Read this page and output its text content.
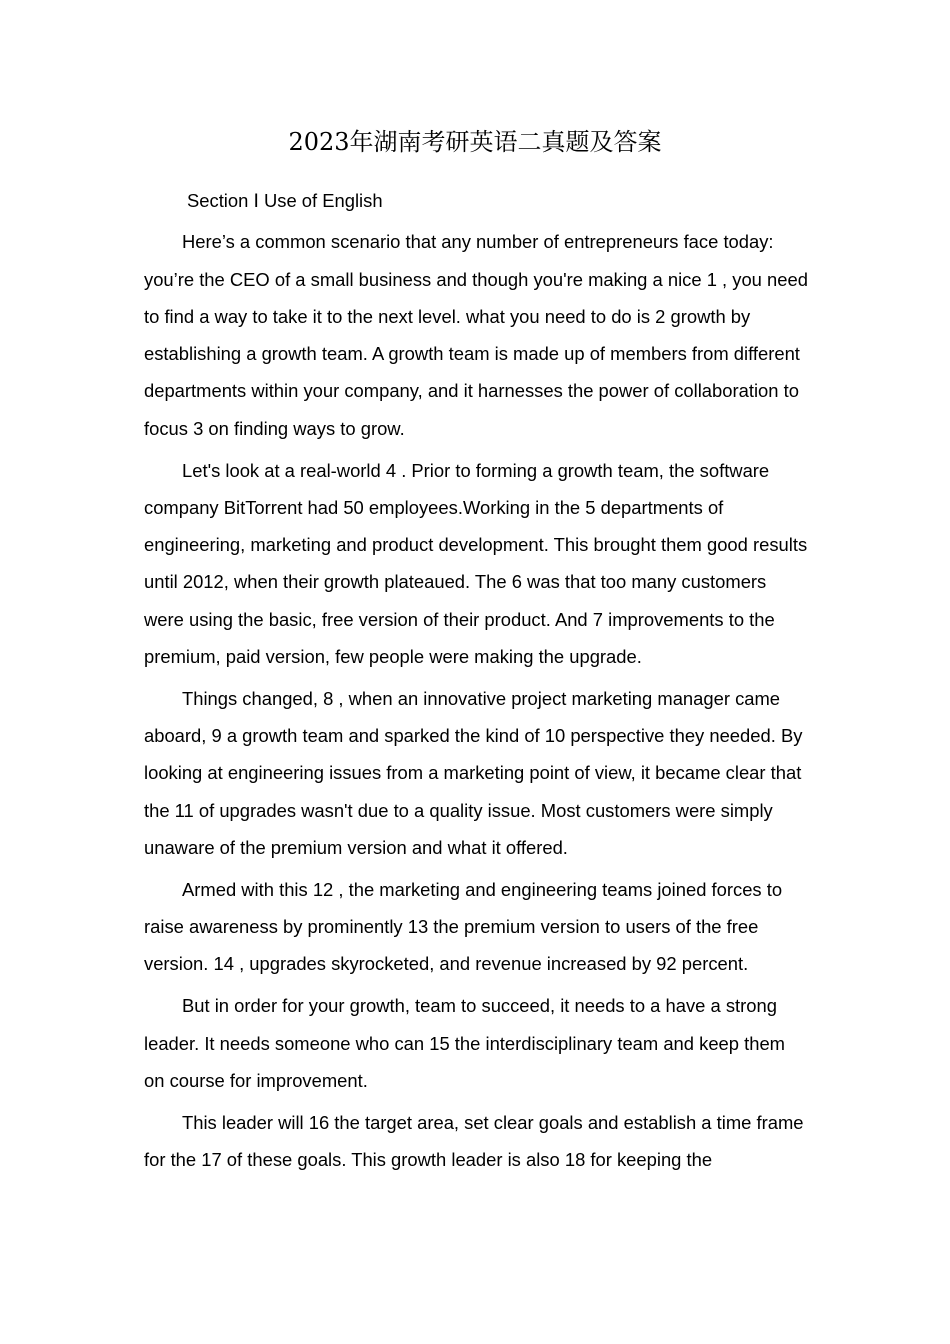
2023年湖南考研英语二真题及答案

Section Ⅰ Use of English

Here’s a common scenario that any number of entrepreneurs face today: you’re the CEO of a small business and though you're making a nice 1 , you need to find a way to take it to the next level. what you need to do is 2 growth by establishing a growth team. A growth team is made up of members from different departments within your company, and it harnesses the power of collaboration to focus 3 on finding ways to grow.

Let's look at a real-world 4 . Prior to forming a growth team, the software company BitTorrent had 50 employees.Working in the 5 departments of engineering, marketing and product development. This brought them good results until 2012, when their growth plateaued. The 6 was that too many customers were using the basic, free version of their product. And 7 improvements to the premium, paid version, few people were making the upgrade.

Things changed, 8 , when an innovative project marketing manager came aboard, 9 a growth team and sparked the kind of 10 perspective they needed. By looking at engineering issues from a marketing point of view, it became clear that the 11 of upgrades wasn't due to a quality issue. Most customers were simply unaware of the premium version and what it offered.

Armed with this 12 , the marketing and engineering teams joined forces to raise awareness by prominently 13 the premium version to users of the free version. 14 , upgrades skyrocketed, and revenue increased by 92 percent.

But in order for your growth, team to succeed, it needs to a have a strong leader. It needs someone who can 15 the interdisciplinary team and keep them on course for improvement.

This leader will 16 the target area, set clear goals and establish a time frame for the 17 of these goals. This growth leader is also 18 for keeping the
